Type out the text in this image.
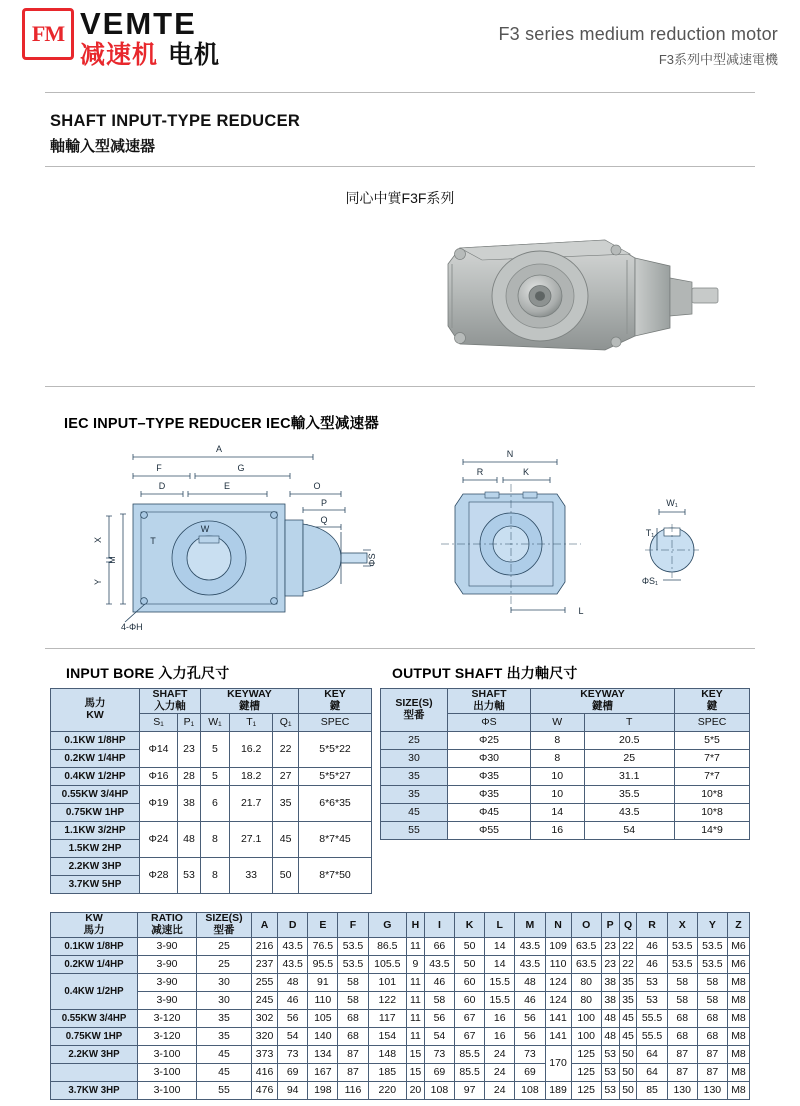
FM VEMTE
减速机 电机
F3 series medium reduction motor
F3系列中型减速電機
SHAFT INPUT-TYPE REDUCER
軸輸入型减速器
同心中實F3F系列
IEC INPUT–TYPE REDUCER IEC輸入型减速器
A
F	G
D	E	O
P
Q
ΦS
M
X
Y
T
W
4-ΦH
N
R	K
L
W₁
T₁
ΦS₁
INPUT BORE 入力孔尺寸	OUTPUT SHAFT 出力軸尺寸
馬力
KW

SHAFT
入力軸

KEYWAY
鍵槽

KEY
鍵

	S₁	P₁	W₁	T₁	Q₁	SPEC
0.1KW 1/8HP	Φ14	23	5	16.2	22	5*5*22
0.2KW 1/4HP						
0.4KW 1/2HP	Φ16	28	5	18.2	27	5*5*27
0.55KW 3/4HP	Φ19	38	6	21.7	35	6*6*35
0.75KW 1HP						
1.1KW 3/2HP	Φ24	48	8	27.1	45	8*7*45
1.5KW 2HP						
2.2KW 3HP	Φ28	53	8	33	50	8*7*50
3.7KW 5HP						
SIZE(S)
型番

SHAFT
出力軸

KEYWAY
鍵槽

KEY
鍵

	ΦS	W	T	SPEC
25	Φ25	8	20.5	5*5
30	Φ30	8	25	7*7
35	Φ35	10	31.1	7*7
35	Φ35	10	35.5	10*8
45	Φ45	14	43.5	10*8
55	Φ55	16	54	14*9
KW
馬力

RATIO
减速比

SIZE(S)
型番	A	D	E	F	G	H	I	K	L	M	N	O	P	Q	R	X	Y	Z
0.1KW 1/8HP	3-90	25	216	43.5	76.5	53.5	86.5	11	66	50	14	43.5	109	63.5	23	22	46	53.5	53.5	M6
0.2KW 1/4HP	3-90	25	237	43.5	95.5	53.5	105.5	9	43.5	50	14	43.5	110	63.5	23	22	46	53.5	53.5	M6
0.4KW 1/2HP	3-90	30	255	48	91	58	101	11	46	60	15.5	48	124	80	38	35	53	58	58	M8
	3-90	30	245	46	110	58	122	11	58	60	15.5	46	124	80	38	35	53	58	58	M8
0.55KW 3/4HP	3-120	35	302	56	105	68	117	11	56	67	16	56	141	100	48	45	55.5	68	68	M8
0.75KW 1HP	3-120	35	320	54	140	68	154	11	54	67	16	56	141	100	48	45	55.5	68	68	M8
2.2KW 3HP	3-100	45	373	73	134	87	148	15	73	85.5	24	73	170	125	53	50	64	87	87	M8
	3-100	45	416	69	167	87	185	15	69	85.5	24	69		125	53	50	64	87	87	M8
3.7KW 3HP	3-100	55	476	94	198	116	220	20	108	97	24	108	189	125	53	50	85	130	130	M8
